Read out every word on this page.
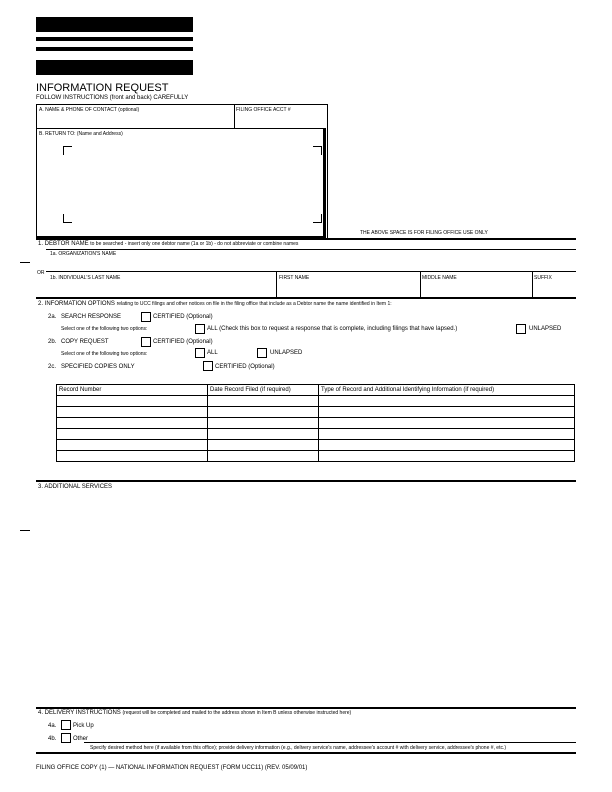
INFORMATION REQUEST
FOLLOW INSTRUCTIONS (front and back) CAREFULLY
A. NAME & PHONE OF CONTACT (optional)	FILING OFFICE ACCT #
B. RETURN TO: (Name and Address)
THE ABOVE SPACE IS FOR FILING OFFICE USE ONLY
1. DEBTOR NAME to be searched - insert only one debtor name (1a or 1b) - do not abbreviate or combine names
1a. ORGANIZATION'S NAME
OR
1b. INDIVIDUAL'S LAST NAME	FIRST NAME	MIDDLE NAME	SUFFIX
2. INFORMATION OPTIONS relating to UCC filings and other notices on file in the filing office that include as a Debtor name the name identified in Item 1:
2a. SEARCH RESPONSE	CERTIFIED (Optional)
Select one of the following two options:	ALL (Check this box to request a response that is complete, including filings that have lapsed.)	UNLAPSED
2b. COPY REQUEST	CERTIFIED (Optional)
Select one of the following two options:	ALL	UNLAPSED
2c. SPECIFIED COPIES ONLY	CERTIFIED (Optional)
Record Number	Date Record Filed (if required)	Type of Record and Additional Identifying Information (if required)

3. ADDITIONAL SERVICES
4. DELIVERY INSTRUCTIONS (request will be completed and mailed to the address shown in Item B unless otherwise instructed here)
4a.	Pick Up
4b.	Other
Specify desired method here (if available from this office); provide delivery information (e.g., delivery service's name, addressee's account # with delivery service, addressee's phone #, etc.)
FILING OFFICE COPY (1) — NATIONAL INFORMATION REQUEST (FORM UCC11) (REV. 05/09/01)
